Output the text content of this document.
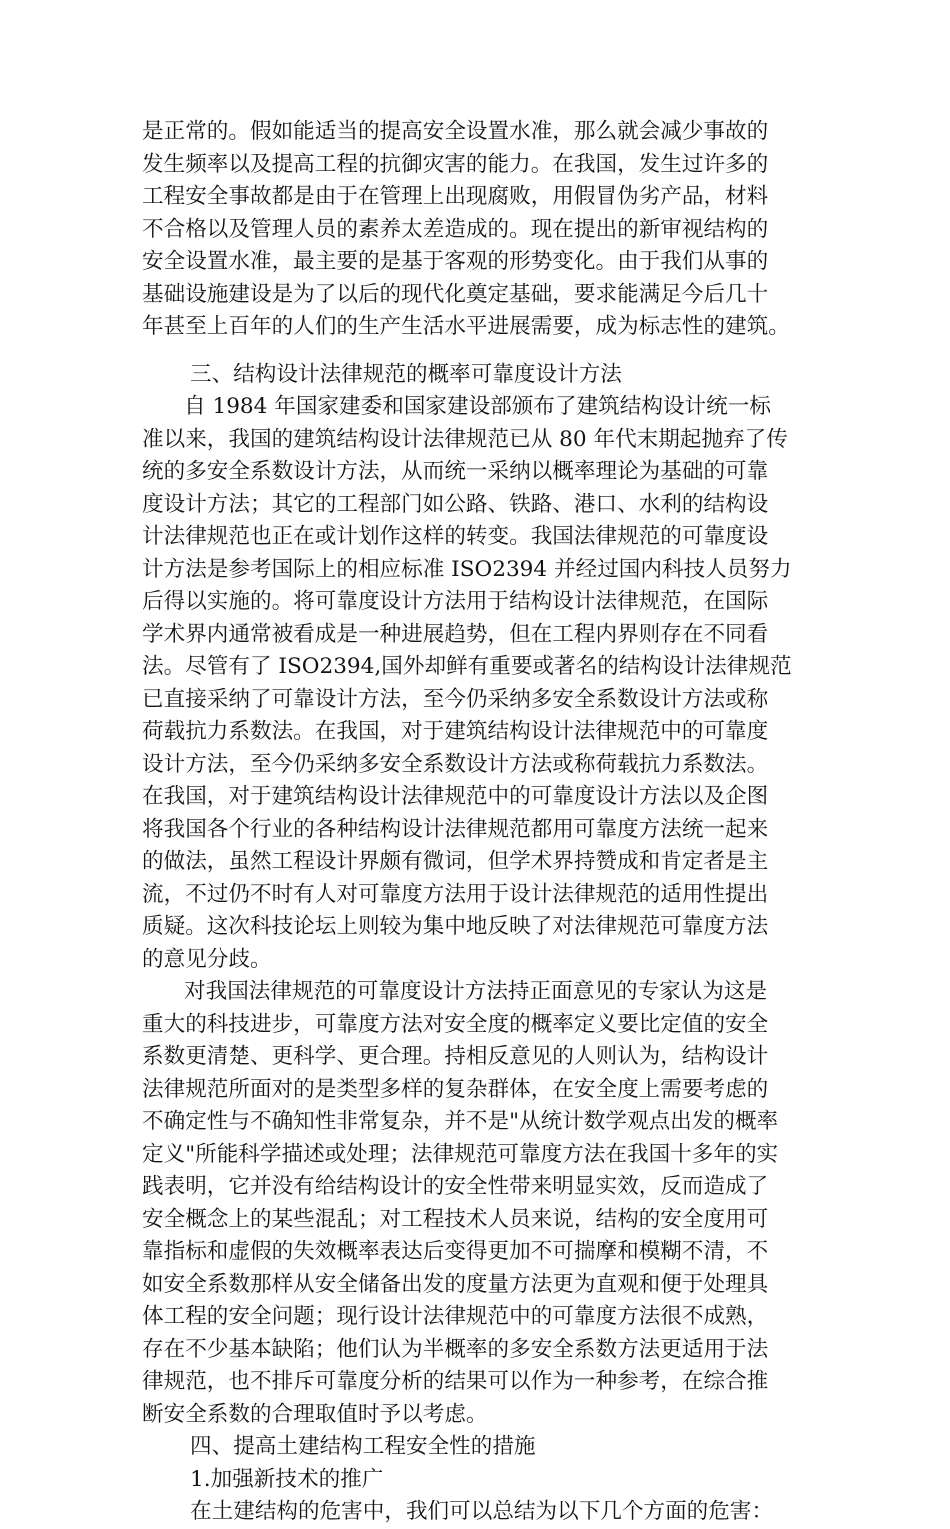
是正常的。假如能适当的提高安全设置水准，那么就会减少事故的
发生频率以及提高工程的抗御灾害的能力。在我国，发生过许多的
工程安全事故都是由于在管理上出现腐败，用假冒伪劣产品，材料
不合格以及管理人员的素养太差造成的。现在提出的新审视结构的
安全设置水准，最主要的是基于客观的形势变化。由于我们从事的
基础设施建设是为了以后的现代化奠定基础，要求能满足今后几十
年甚至上百年的人们的生产生活水平进展需要，成为标志性的建筑。
三、结构设计法律规范的概率可靠度设计方法
自 1984 年国家建委和国家建设部颁布了建筑结构设计统一标
准以来，我国的建筑结构设计法律规范已从 80 年代末期起抛弃了传
统的多安全系数设计方法，从而统一采纳以概率理论为基础的可靠
度设计方法；其它的工程部门如公路、铁路、港口、水利的结构设
计法律规范也正在或计划作这样的转变。我国法律规范的可靠度设
计方法是参考国际上的相应标准 ISO2394 并经过国内科技人员努力
后得以实施的。将可靠度设计方法用于结构设计法律规范，在国际
学术界内通常被看成是一种进展趋势，但在工程内界则存在不同看
法。尽管有了 ISO2394,国外却鲜有重要或著名的结构设计法律规范
已直接采纳了可靠设计方法，至今仍采纳多安全系数设计方法或称
荷载抗力系数法。在我国，对于建筑结构设计法律规范中的可靠度
设计方法，至今仍采纳多安全系数设计方法或称荷载抗力系数法。
在我国，对于建筑结构设计法律规范中的可靠度设计方法以及企图
将我国各个行业的各种结构设计法律规范都用可靠度方法统一起来
的做法，虽然工程设计界颇有微词，但学术界持赞成和肯定者是主
流，不过仍不时有人对可靠度方法用于设计法律规范的适用性提出
质疑。这次科技论坛上则较为集中地反映了对法律规范可靠度方法
的意见分歧。
对我国法律规范的可靠度设计方法持正面意见的专家认为这是
重大的科技进步，可靠度方法对安全度的概率定义要比定值的安全
系数更清楚、更科学、更合理。持相反意见的人则认为，结构设计
法律规范所面对的是类型多样的复杂群体，在安全度上需要考虑的
不确定性与不确知性非常复杂，并不是"从统计数学观点出发的概率
定义"所能科学描述或处理；法律规范可靠度方法在我国十多年的实
践表明，它并没有给结构设计的安全性带来明显实效，反而造成了
安全概念上的某些混乱；对工程技术人员来说，结构的安全度用可
靠指标和虚假的失效概率表达后变得更加不可揣摩和模糊不清，不
如安全系数那样从安全储备出发的度量方法更为直观和便于处理具
体工程的安全问题；现行设计法律规范中的可靠度方法很不成熟，
存在不少基本缺陷；他们认为半概率的多安全系数方法更适用于法
律规范，也不排斥可靠度分析的结果可以作为一种参考，在综合推
断安全系数的合理取值时予以考虑。
四、提高土建结构工程安全性的措施
1.加强新技术的推广
在土建结构的危害中，我们可以总结为以下几个方面的危害：
